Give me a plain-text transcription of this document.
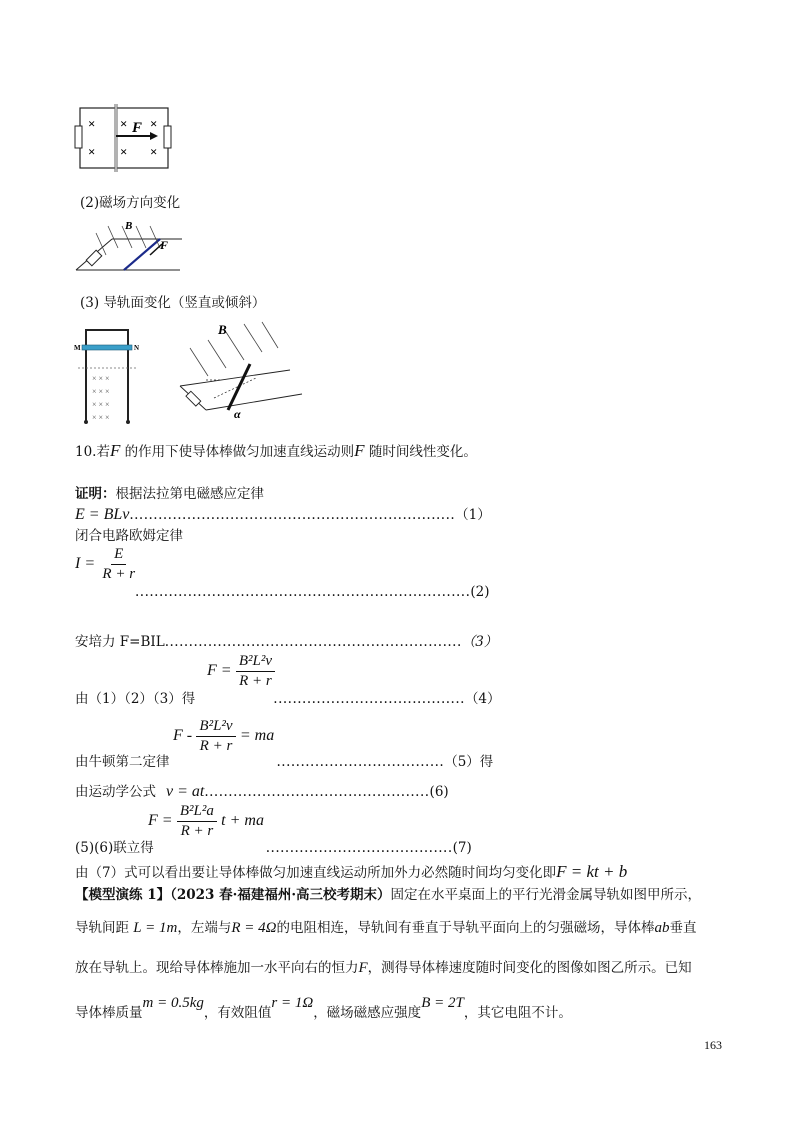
×
×
×
×
×
×
F
(2)磁场方向变化
B
F
(3) 导轨面变化（竖直或倾斜）
M	N
× × ×
× × ×
× × ×
× × ×
B
α
10.若F 的作用下使导体棒做匀加速直线运动则F 随时间线性变化。
证明：根据法拉第电磁感应定律
E = BLv....................................................................（1）
闭合电路欧姆定律
$I = \frac{E}{R + r}$
......................................................................(2)
安培力 F=BIL..............................................................（3）
$F = \frac{\text{B²L²v}}{R + r}$
由（1）（2）（3）得	........................................（4）
F - $\frac{\text{B²L²v}}{R + r}$ = ma
由牛顿第二定律	...................................（5）得
由运动学公式 v = at...............................................(6)
$F = \frac{\text{B²L²a}}{R + r}$ t + ma
(5)(6)联立得	.......................................(7)
由（7）式可以看出要让导体棒做匀加速直线运动所加外力必然随时间均匀变化即F = kt + b
【模型演练 1】（2023 春·福建福州·高三校考期末）固定在水平桌面上的平行光滑金属导轨如图甲所示，
导轨间距 L = 1m，左端与R = 4Ω的电阻相连，导轨间有垂直于导轨平面向上的匀强磁场，导体棒ab垂直
放在导轨上。现给导体棒施加一水平向右的恒力F，测得导体棒速度随时间变化的图像如图乙所示。已知
导体棒质量m = 0.5kg，有效阻值r = 1Ω，磁场磁感应强度B = 2T，其它电阻不计。
163
